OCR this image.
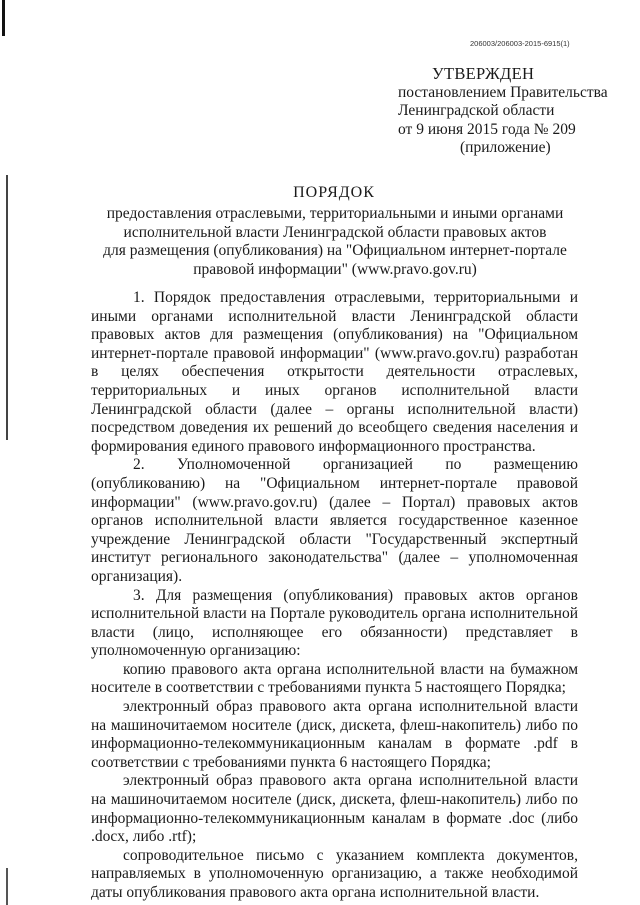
206003/206003-2015-6915(1)
УТВЕРЖДЕН
постановлением Правительства
Ленинградской области
от 9 июня 2015 года № 209
(приложение)
ПОРЯДОК
предоставления отраслевыми, территориальными и иными органами
исполнительной власти Ленинградской области правовых актов
для размещения (опубликования) на "Официальном интернет-портале
правовой информации" (www.pravo.gov.ru)

1. Порядок предоставления отраслевыми, территориальными и иными органами исполнительной власти Ленинградской области правовых актов для размещения (опубликования) на "Официальном интернет-портале правовой информации" (www.pravo.gov.ru) разработан в целях обеспечения открытости деятельности отраслевых, территориальных и иных органов исполнительной власти Ленинградской области (далее – органы исполнительной власти) посредством доведения их решений до всеобщего сведения населения и формирования единого правового информационного пространства.

2. Уполномоченной организацией по размещению (опубликованию) на "Официальном интернет-портале правовой информации" (www.pravo.gov.ru) (далее – Портал) правовых актов органов исполнительной власти является государственное казенное учреждение Ленинградской области "Государственный экспертный институт регионального законодательства" (далее – уполномоченная организация).

3. Для размещения (опубликования) правовых актов органов исполнительной власти на Портале руководитель органа исполнительной власти (лицо, исполняющее его обязанности) представляет в уполномоченную организацию:

копию правового акта органа исполнительной власти на бумажном носителе в соответствии с требованиями пункта 5 настоящего Порядка;

электронный образ правового акта органа исполнительной власти на машиночитаемом носителе (диск, дискета, флеш-накопитель) либо по информационно-телекоммуникационным каналам в формате .pdf в соответствии с требованиями пункта 6 настоящего Порядка;

электронный образ правового акта органа исполнительной власти на машиночитаемом носителе (диск, дискета, флеш-накопитель) либо по информационно-телекоммуникационным каналам в формате .doc (либо .docx, либо .rtf);

сопроводительное письмо с указанием комплекта документов, направляемых в уполномоченную организацию, а также необходимой даты опубликования правового акта органа исполнительной власти.
